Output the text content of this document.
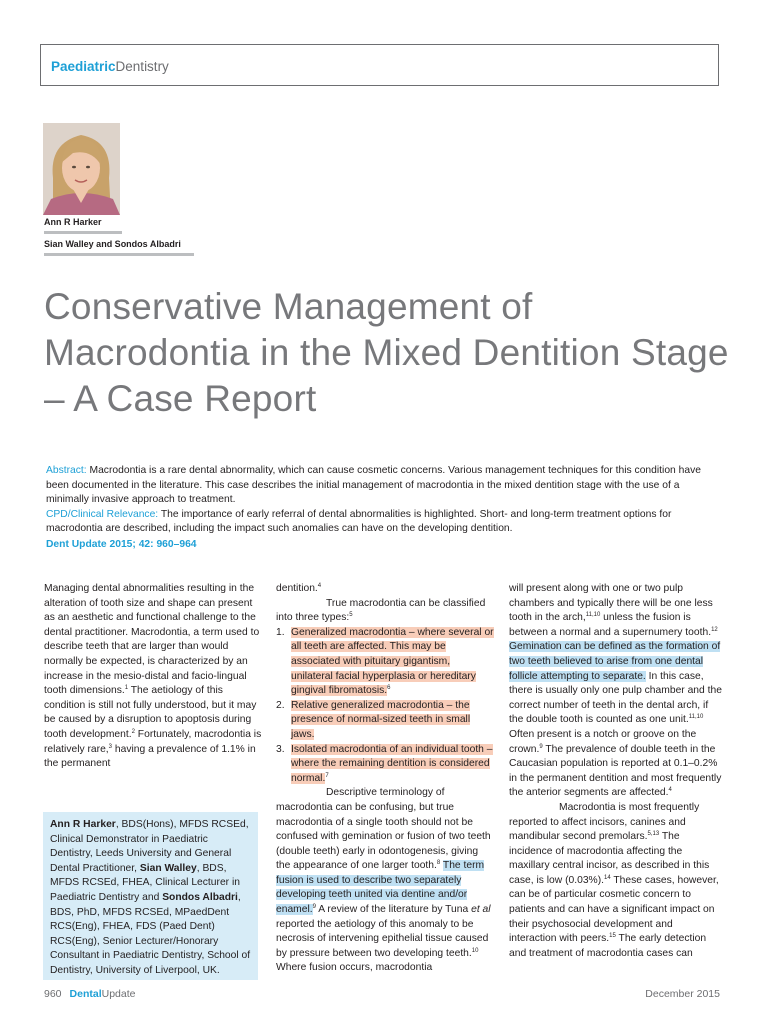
PaediatricDentistry
Ann R Harker
Sian Walley and Sondos Albadri
Conservative Management of Macrodontia in the Mixed Dentition Stage – A Case Report
Abstract: Macrodontia is a rare dental abnormality, which can cause cosmetic concerns. Various management techniques for this condition have been documented in the literature. This case describes the initial management of macrodontia in the mixed dentition stage with the use of a minimally invasive approach to treatment.
CPD/Clinical Relevance: The importance of early referral of dental abnormalities is highlighted. Short- and long-term treatment options for macrodontia are described, including the impact such anomalies can have on the developing dentition.
Dent Update 2015; 42: 960–964
Managing dental abnormalities resulting in the alteration of tooth size and shape can present as an aesthetic and functional challenge to the dental practitioner. Macrodontia, a term used to describe teeth that are larger than would normally be expected, is characterized by an increase in the mesio-distal and facio-lingual tooth dimensions.$^1$ The aetiology of this condition is still not fully understood, but it may be caused by a disruption to apoptosis during tooth development.$^2$ Fortunately, macrodontia is relatively rare,$^3$ having a prevalence of 1.1% in the permanent
Ann R Harker, BDS(Hons), MFDS RCSEd, Clinical Demonstrator in Paediatric Dentistry, Leeds University and General Dental Practitioner, Sian Walley, BDS, MFDS RCSEd, FHEA, Clinical Lecturer in Paediatric Dentistry and Sondos Albadri, BDS, PhD, MFDS RCSEd, MPaedDent RCS(Eng), FHEA, FDS (Paed Dent) RCS(Eng), Senior Lecturer/Honorary Consultant in Paediatric Dentistry, School of Dentistry, University of Liverpool, UK.
dentition.$^4$
True macrodontia can be classified into three types:$^5$
1. Generalized macrodontia – where several or all teeth are affected. This may be associated with pituitary gigantism, unilateral facial hyperplasia or hereditary gingival fibromatosis.$^6$
2. Relative generalized macrodontia – the presence of normal-sized teeth in small jaws.
3. Isolated macrodontia of an individual tooth – where the remaining dentition is considered normal.$^7$
Descriptive terminology of macrodontia can be confusing, but true macrodontia of a single tooth should not be confused with gemination or fusion of two teeth (double teeth) early in odontogenesis, giving the appearance of one larger tooth.$^8$ The term fusion is used to describe two separately developing teeth united via dentine and/or enamel.$^9$ A review of the literature by Tuna et al reported the aetiology of this anomaly to be necrosis of intervening epithelial tissue caused by pressure between two developing teeth.$^{10}$ Where fusion occurs, macrodontia
will present along with one or two pulp chambers and typically there will be one less tooth in the arch,$^{11,10}$ unless the fusion is between a normal and a supernumery tooth.$^{12}$ Gemination can be defined as the formation of two teeth believed to arise from one dental follicle attempting to separate. In this case, there is usually only one pulp chamber and the correct number of teeth in the dental arch, if the double tooth is counted as one unit.$^{11,10}$ Often present is a notch or groove on the crown.$^9$ The prevalence of double teeth in the Caucasian population is reported at 0.1–0.2% in the permanent dentition and most frequently the anterior segments are affected.$^4$
Macrodontia is most frequently reported to affect incisors, canines and mandibular second premolars.$^{5,13}$ The incidence of macrodontia affecting the maxillary central incisor, as described in this case, is low (0.03%).$^{14}$ These cases, however, can be of particular cosmetic concern to patients and can have a significant impact on their psychosocial development and interaction with peers.$^{15}$ The early detection and treatment of macrodontia cases can
960 DentalUpdate	December 2015
